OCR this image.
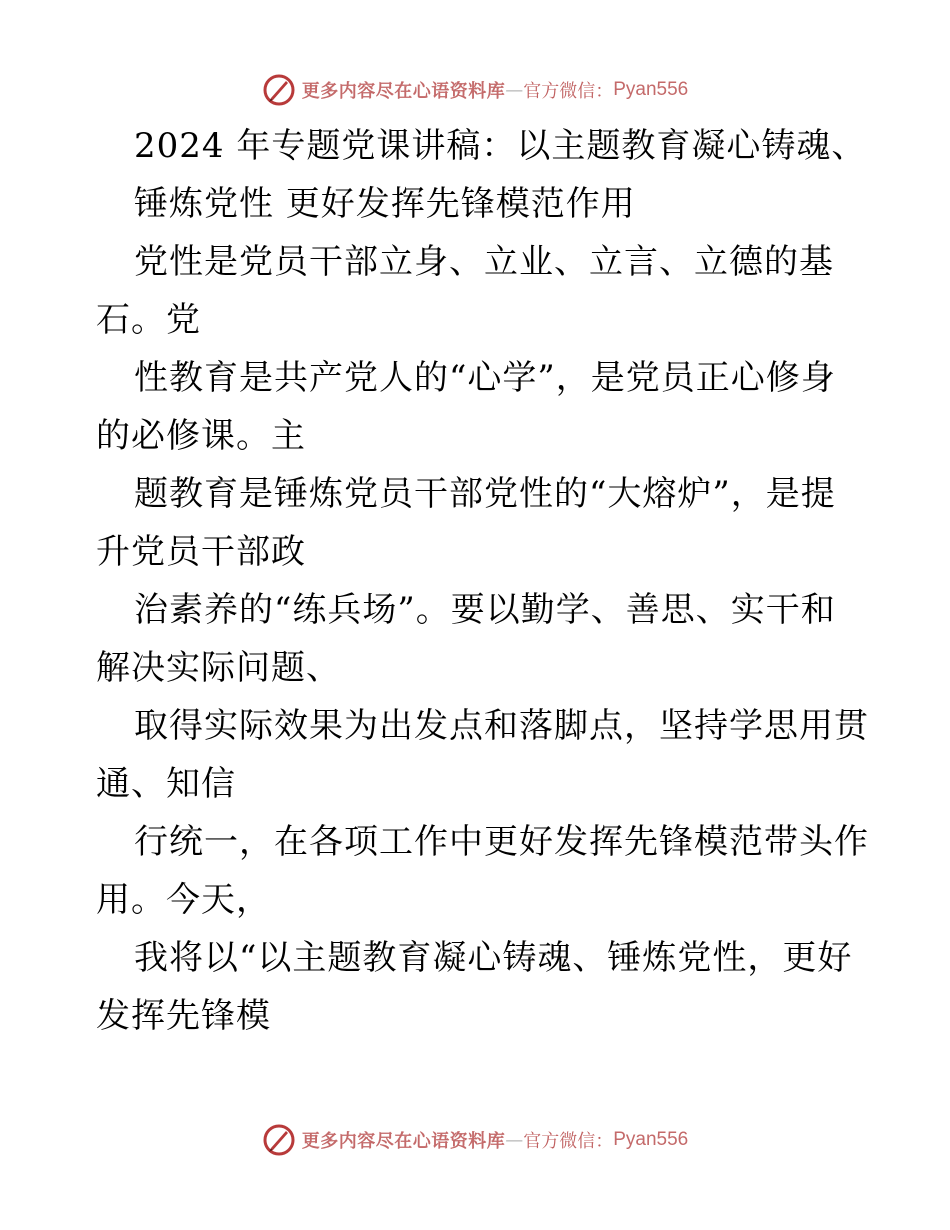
更多内容尽在心语资料库 — 官方微信： Pyan556
2024 年专题党课讲稿：以主题教育凝心铸魂、
锤炼党性 更好发挥先锋模范作用
党性是党员干部立身、立业、立言、立德的基
石。党
性教育是共产党人的“心学”，是党员正心修身
的必修课。主
题教育是锤炼党员干部党性的“大熔炉”，是提
升党员干部政
治素养的“练兵场”。要以勤学、善思、实干和
解决实际问题、
取得实际效果为出发点和落脚点，坚持学思用贯
通、知信
行统一，在各项工作中更好发挥先锋模范带头作
用。今天，
我将以“以主题教育凝心铸魂、锤炼党性，更好
发挥先锋模
更多内容尽在心语资料库 — 官方微信： Pyan556
